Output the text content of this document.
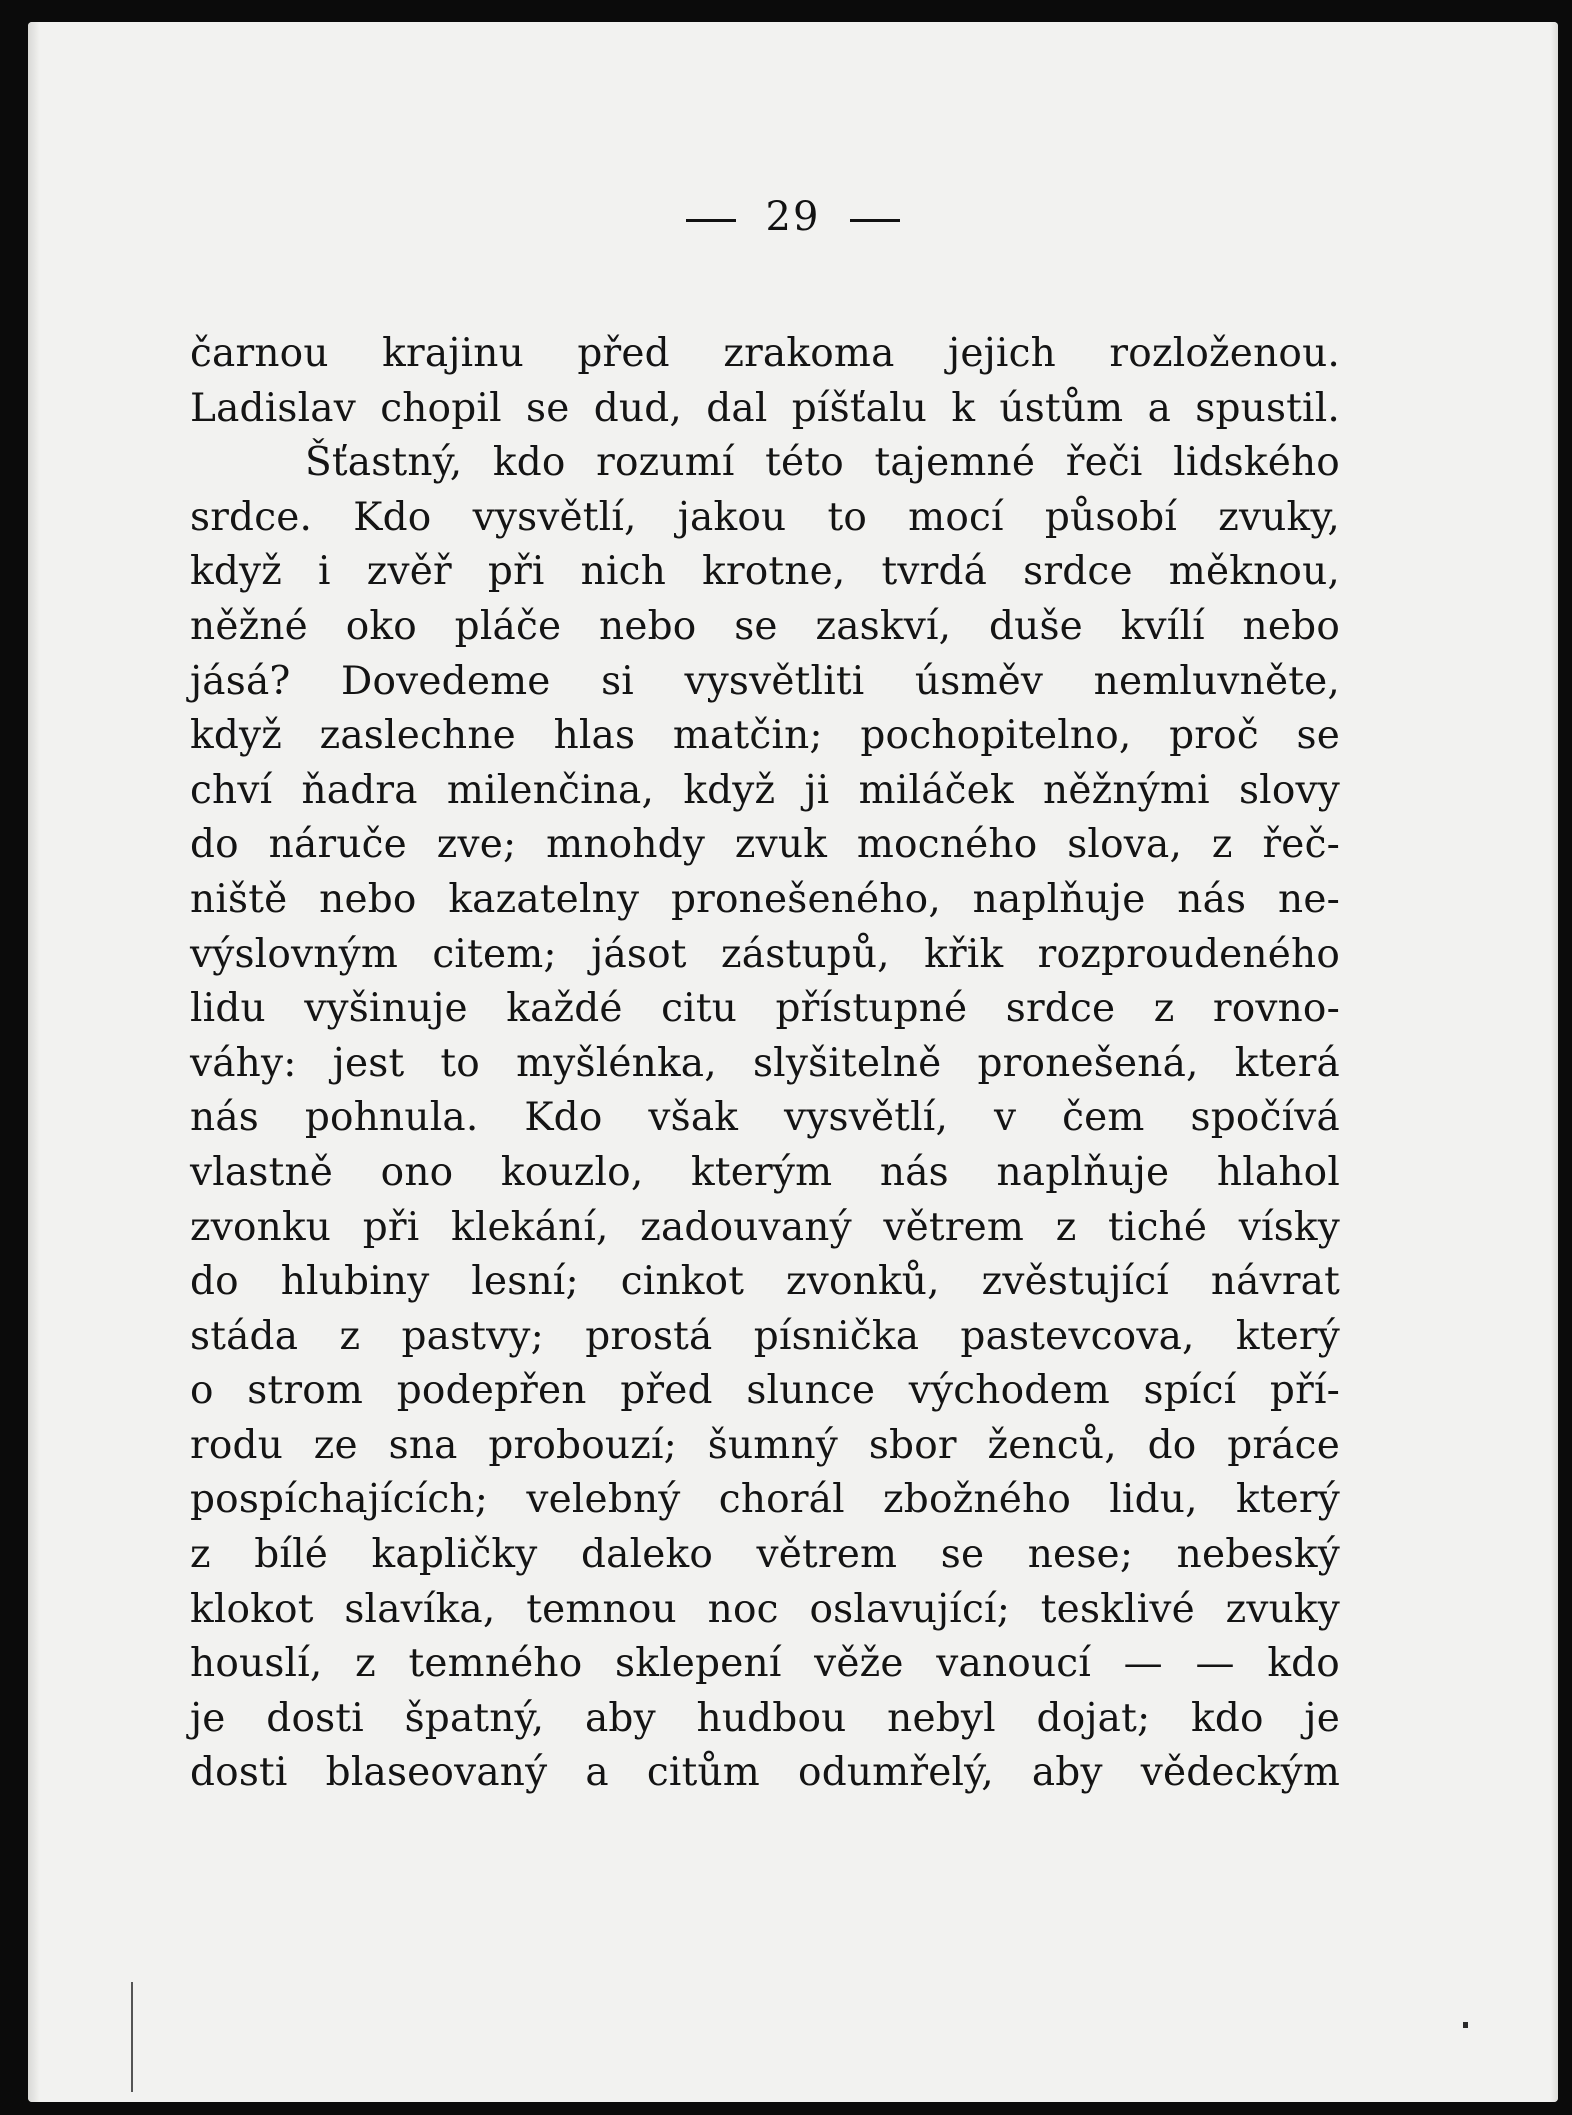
29
čarnou krajinu před zrakoma jejich rozloženou.
Ladislav chopil se dud, dal píšťalu k ústům a spustil.
Šťastný, kdo rozumí této tajemné řeči lidského
srdce. Kdo vysvětlí, jakou to mocí působí zvuky,
když i zvěř při nich krotne, tvrdá srdce měknou,
něžné oko pláče nebo se zaskví, duše kvílí nebo
jásá? Dovedeme si vysvětliti úsměv nemluvněte,
když zaslechne hlas matčin; pochopitelno, proč se
chví ňadra milenčina, když ji miláček něžnými slovy
do náruče zve; mnohdy zvuk mocného slova, z řeč-
niště nebo kazatelny pronešeného, naplňuje nás ne-
výslovným citem; jásot zástupů, křik rozproudeného
lidu vyšinuje každé citu přístupné srdce z rovno-
váhy: jest to myšlénka, slyšitelně pronešená, která
nás pohnula. Kdo však vysvětlí, v čem spočívá
vlastně ono kouzlo, kterým nás naplňuje hlahol
zvonku při klekání, zadouvaný větrem z tiché vísky
do hlubiny lesní; cinkot zvonků, zvěstující návrat
stáda z pastvy; prostá písnička pastevcova, který
o strom podepřen před slunce východem spící pří-
rodu ze sna probouzí; šumný sbor ženců, do práce
pospíchajících; velebný chorál zbožného lidu, který
z bílé kapličky daleko větrem se nese; nebeský
klokot slavíka, temnou noc oslavující; tesklivé zvuky
houslí, z temného sklepení věže vanoucí — — kdo
je dosti špatný, aby hudbou nebyl dojat; kdo je
dosti blaseovaný a citům odumřelý, aby vědeckým
